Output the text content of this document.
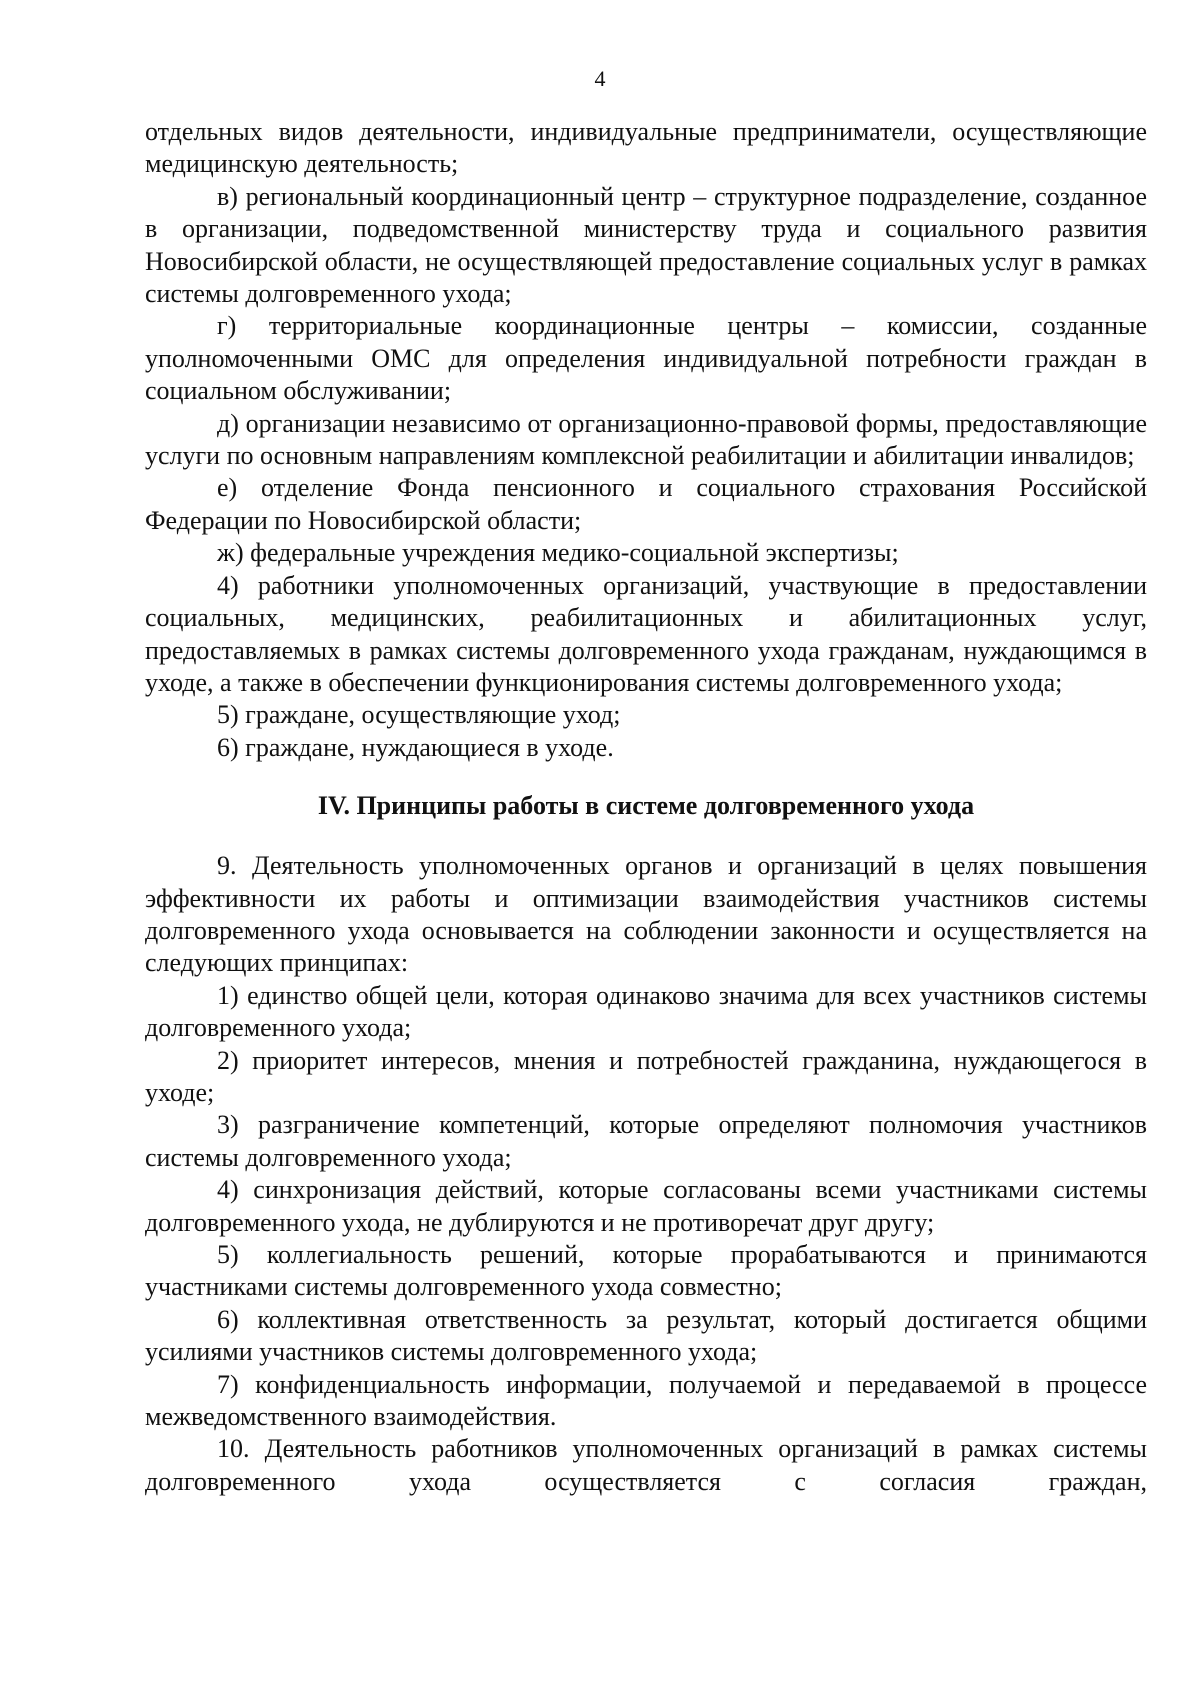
4

отдельных видов деятельности, индивидуальные предприниматели, осуществляющие медицинскую деятельность;

в) региональный координационный центр – структурное подразделение, созданное в организации, подведомственной министерству труда и социального развития Новосибирской области, не осуществляющей предоставление социальных услуг в рамках системы долговременного ухода;

г) территориальные координационные центры – комиссии, созданные уполномоченными ОМС для определения индивидуальной потребности граждан в социальном обслуживании;

д) организации независимо от организационно-правовой формы, предоставляющие услуги по основным направлениям комплексной реабилитации и абилитации инвалидов;

е) отделение Фонда пенсионного и социального страхования Российской Федерации по Новосибирской области;

ж) федеральные учреждения медико-социальной экспертизы;

4) работники уполномоченных организаций, участвующие в предоставлении социальных, медицинских, реабилитационных и абилитационных услуг, предоставляемых в рамках системы долговременного ухода гражданам, нуждающимся в уходе, а также в обеспечении функционирования системы долговременного ухода;

5) граждане, осуществляющие уход;

6) граждане, нуждающиеся в уходе.

IV. Принципы работы в системе долговременного ухода

9. Деятельность уполномоченных органов и организаций в целях повышения эффективности их работы и оптимизации взаимодействия участников системы долговременного ухода основывается на соблюдении законности и осуществляется на следующих принципах:

1) единство общей цели, которая одинаково значима для всех участников системы долговременного ухода;

2) приоритет интересов, мнения и потребностей гражданина, нуждающегося в уходе;

3) разграничение компетенций, которые определяют полномочия участников системы долговременного ухода;

4) синхронизация действий, которые согласованы всеми участниками системы долговременного ухода, не дублируются и не противоречат друг другу;

5) коллегиальность решений, которые прорабатываются и принимаются участниками системы долговременного ухода совместно;

6) коллективная ответственность за результат, который достигается общими усилиями участников системы долговременного ухода;

7) конфиденциальность информации, получаемой и передаваемой в процессе межведомственного взаимодействия.

10. Деятельность работников уполномоченных организаций в рамках системы долговременного ухода осуществляется с согласия граждан,
